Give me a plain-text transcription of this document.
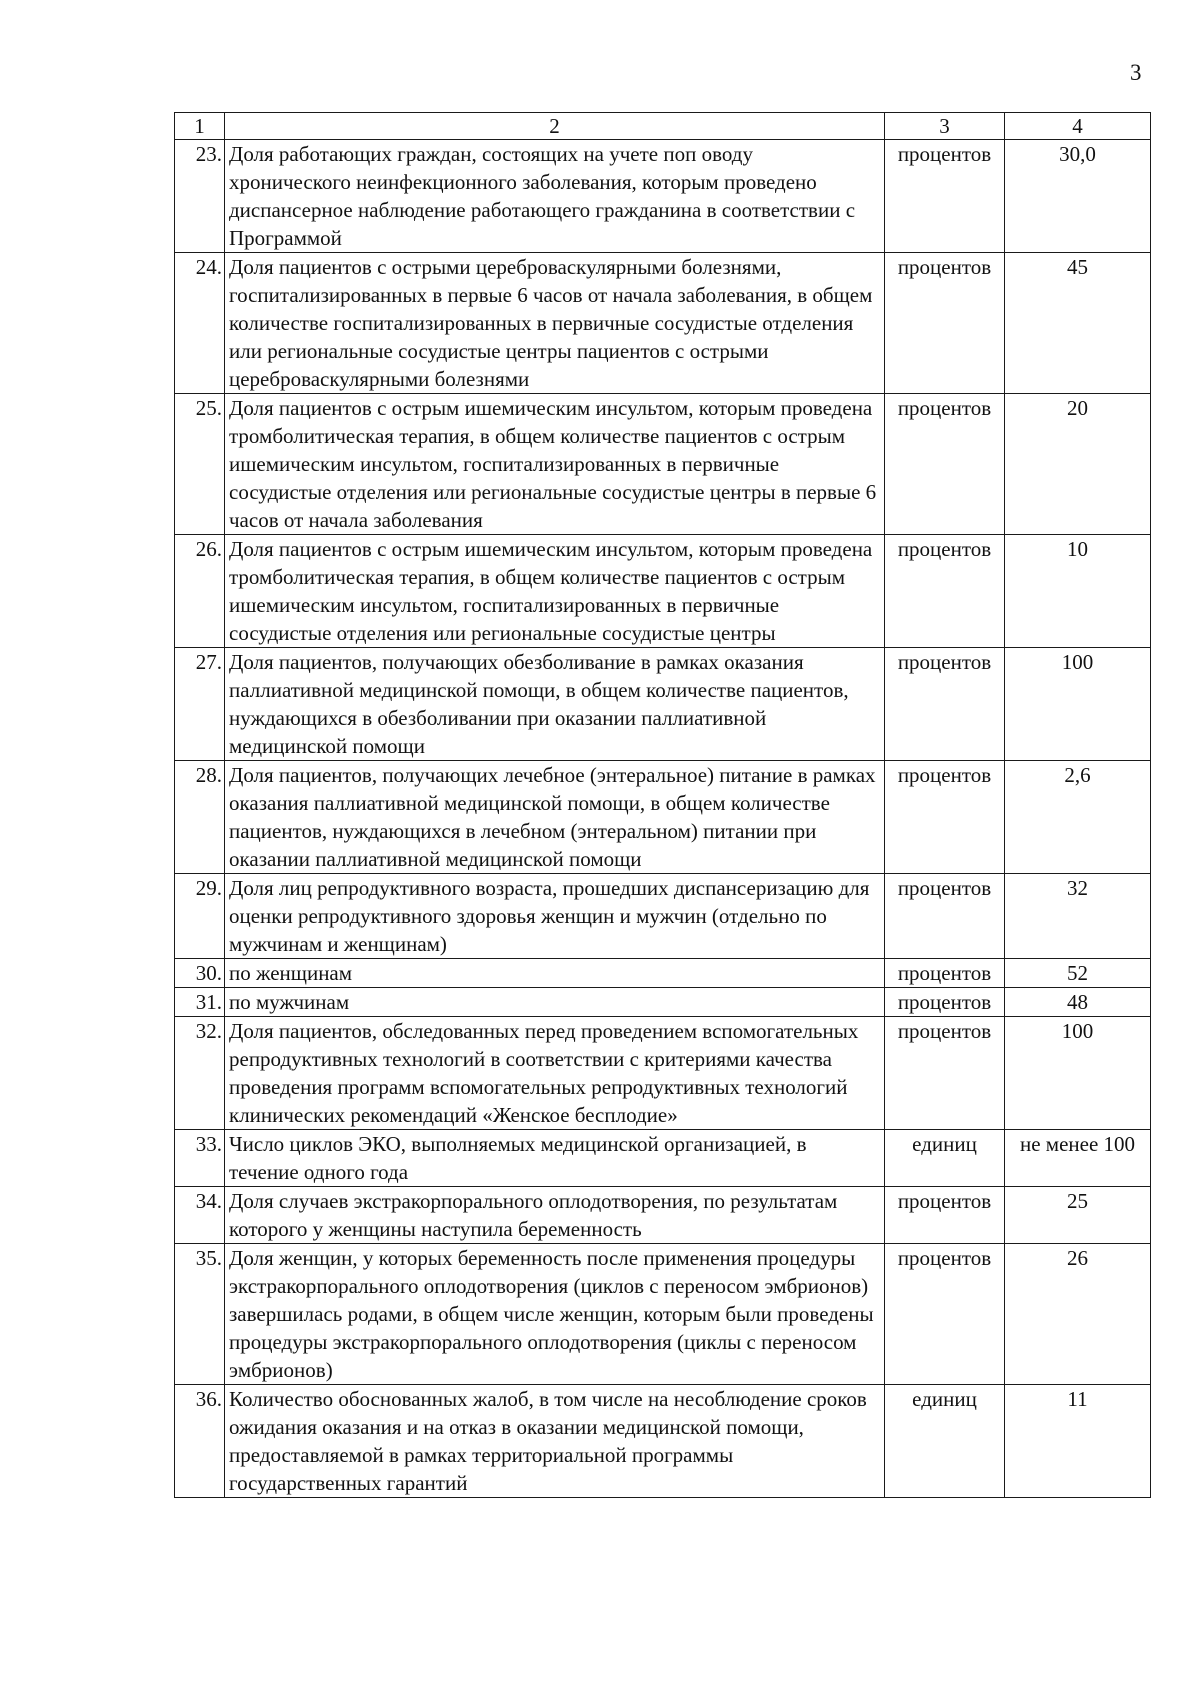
3
1	2	3	4
23.	Доля работающих граждан, состоящих на учете поп оводу хронического неинфекционного заболевания, которым проведено диспансерное наблюдение работающего гражданина в соответствии с Программой	процентов	30,0
24.	Доля пациентов с острыми цереброваскулярными болезнями, госпитализированных в первые 6 часов от начала заболевания, в общем количестве госпитализированных в первичные сосудистые отделения или региональные сосудистые центры пациентов с острыми цереброваскулярными болезнями	процентов	45
25.	Доля пациентов с острым ишемическим инсультом, которым проведена тромболитическая терапия, в общем количестве пациентов с острым ишемическим инсультом, госпитализированных в первичные сосудистые отделения или региональные сосудистые центры в первые 6 часов от начала заболевания	процентов	20
26.	Доля пациентов с острым ишемическим инсультом, которым проведена тромболитическая терапия, в общем количестве пациентов с острым ишемическим инсультом, госпитализированных в первичные сосудистые отделения или региональные сосудистые центры	процентов	10
27.	Доля пациентов, получающих обезболивание в рамках оказания паллиативной медицинской помощи, в общем количестве пациентов, нуждающихся в обезболивании при оказании паллиативной медицинской помощи	процентов	100
28.	Доля пациентов, получающих лечебное (энтеральное) питание в рамках оказания паллиативной медицинской помощи, в общем количестве пациентов, нуждающихся в лечебном (энтеральном) питании при оказании паллиативной медицинской помощи	процентов	2,6
29.	Доля лиц репродуктивного возраста, прошедших диспансеризацию для оценки репродуктивного здоровья женщин и мужчин (отдельно по мужчинам и женщинам)	процентов	32
30.	по женщинам	процентов	52
31.	по мужчинам	процентов	48
32.	Доля пациентов, обследованных перед проведением вспомогательных репродуктивных технологий в соответствии с критериями качества проведения программ вспомогательных репродуктивных технологий клинических рекомендаций «Женское бесплодие»	процентов	100
33.	Число циклов ЭКО, выполняемых медицинской организацией, в течение одного года	единиц	не менее 100
34.	Доля случаев экстракорпорального оплодотворения, по результатам которого у женщины наступила беременность	процентов	25
35.	Доля женщин, у которых беременность после применения процедуры экстракорпорального оплодотворения (циклов с переносом эмбрионов) завершилась родами, в общем числе женщин, которым были проведены процедуры экстракорпорального оплодотворения (циклы с переносом эмбрионов)	процентов	26
36.	Количество обоснованных жалоб, в том числе на несоблюдение сроков ожидания оказания и на отказ в оказании медицинской помощи, предоставляемой в рамках территориальной программы государственных гарантий	единиц	11
